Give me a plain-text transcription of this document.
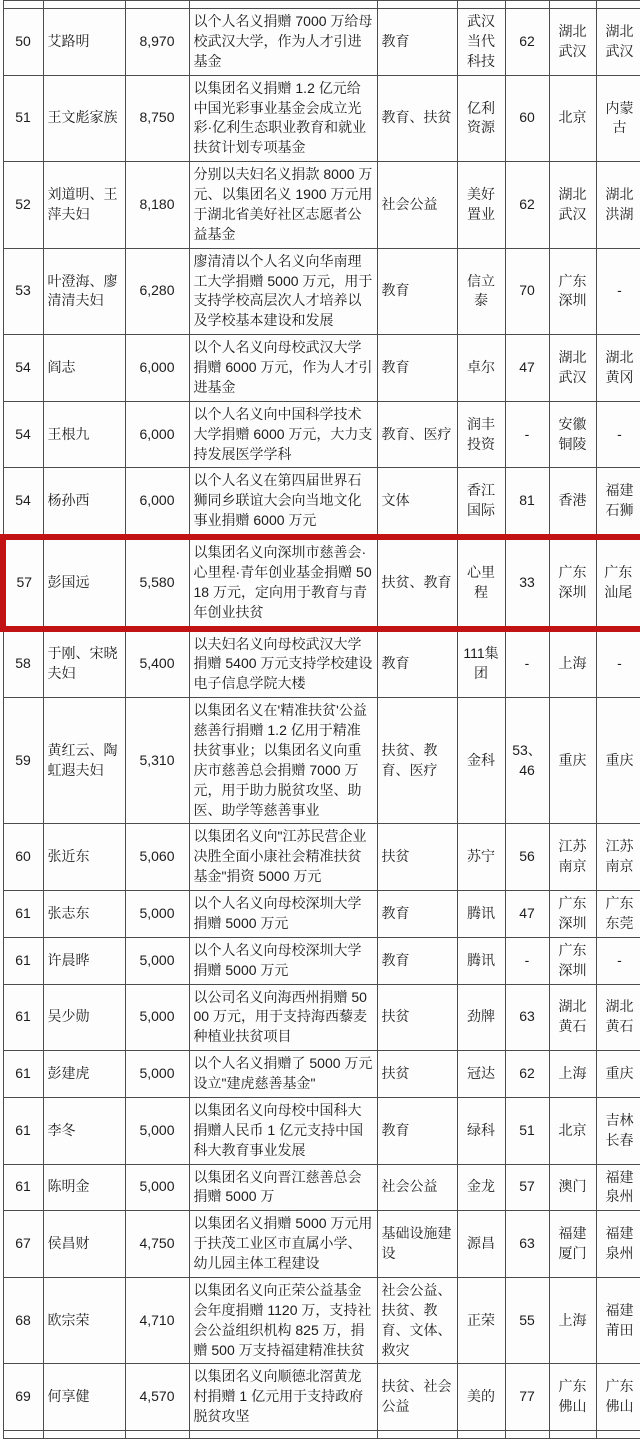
50	艾路明	8,970	以个人名义捐赠 7000 万给母校武汉大学，作为人才引进基金	教育	武汉当代科技	62	湖北武汉	湖北武汉
51	王文彪家族	8,750	以集团名义捐赠 1.2 亿元给中国光彩事业基金会成立光彩·亿利生态职业教育和就业扶贫计划专项基金	教育、扶贫	亿利资源	60	北京	内蒙古
52	刘道明、王萍夫妇	8,180	分别以夫妇名义捐款 8000 万元、以集团名义 1900 万元用于湖北省美好社区志愿者公益基金	社会公益	美好置业	62	湖北武汉	湖北洪湖
53	叶澄海、廖清清夫妇	6,280	廖清清以个人名义向华南理工大学捐赠 5000 万元，用于支持学校高层次人才培养以及学校基本建设和发展	教育	信立泰	70	广东深圳	-
54	阎志	6,000	以个人名义向母校武汉大学捐赠 6000 万元，作为人才引进基金	教育	卓尔	47	湖北武汉	湖北黄冈
54	王根九	6,000	以个人名义向中国科学技术大学捐赠 6000 万元，大力支持发展医学学科	教育、医疗	润丰投资	-	安徽铜陵	-
54	杨孙西	6,000	以个人名义在第四届世界石狮同乡联谊大会向当地文化事业捐赠 6000 万元	文体	香江国际	81	香港	福建石狮
57	彭国远	5,580	以集团名义向深圳市慈善会·心里程·青年创业基金捐赠 5018 万元，定向用于教育与青年创业扶贫	扶贫、教育	心里程	33	广东深圳	广东汕尾
58	于刚、宋晓夫妇	5,400	以夫妇名义向母校武汉大学捐赠 5400 万元支持学校建设电子信息学院大楼	教育	111集团	-	上海	-
59	黄红云、陶虹遐夫妇	5,310	以集团名义在'精准扶贫'公益慈善行捐赠 1.2 亿用于精准扶贫事业；以集团名义向重庆市慈善总会捐赠 7000 万元，用于助力脱贫攻坚、助医、助学等慈善事业	扶贫、教育、医疗	金科	53、46	重庆	重庆
60	张近东	5,060	以集团名义向"江苏民营企业决胜全面小康社会精准扶贫基金"捐资 5000 万元	扶贫	苏宁	56	江苏南京	江苏南京
61	张志东	5,000	以个人名义向母校深圳大学捐赠 5000 万元	教育	腾讯	47	广东深圳	广东东莞
61	许晨晔	5,000	以个人名义向母校深圳大学捐赠 5000 万元	教育	腾讯	-	广东深圳	-
61	吴少勋	5,000	以公司名义向海西州捐赠 5000 万元，用于支持海西藜麦种植业扶贫项目	扶贫	劲牌	63	湖北黄石	湖北黄石
61	彭建虎	5,000	以个人名义捐赠了 5000 万元设立"建虎慈善基金"	扶贫	冠达	62	上海	重庆
61	李冬	5,000	以集团名义向母校中国科大捐赠人民币 1 亿元支持中国科大教育事业发展	教育	绿科	51	北京	吉林长春
61	陈明金	5,000	以集团名义向晋江慈善总会捐赠 5000 万	社会公益	金龙	57	澳门	福建泉州
67	侯昌财	4,750	以集团名义捐赠 5000 万元用于扶茂工业区市直属小学、幼儿园主体工程建设	基础设施建设	源昌	63	福建厦门	福建泉州
68	欧宗荣	4,710	以集团名义向正荣公益基金会年度捐赠 1120 万，支持社会公益组织机构 825 万，捐赠 500 万支持福建精准扶贫	社会公益、扶贫、教育、文体、救灾	正荣	55	上海	福建莆田
69	何享健	4,570	以集团名义向顺德北滘黄龙村捐赠 1 亿元用于支持政府脱贫攻坚	扶贫、社会公益	美的	77	广东佛山	广东佛山
